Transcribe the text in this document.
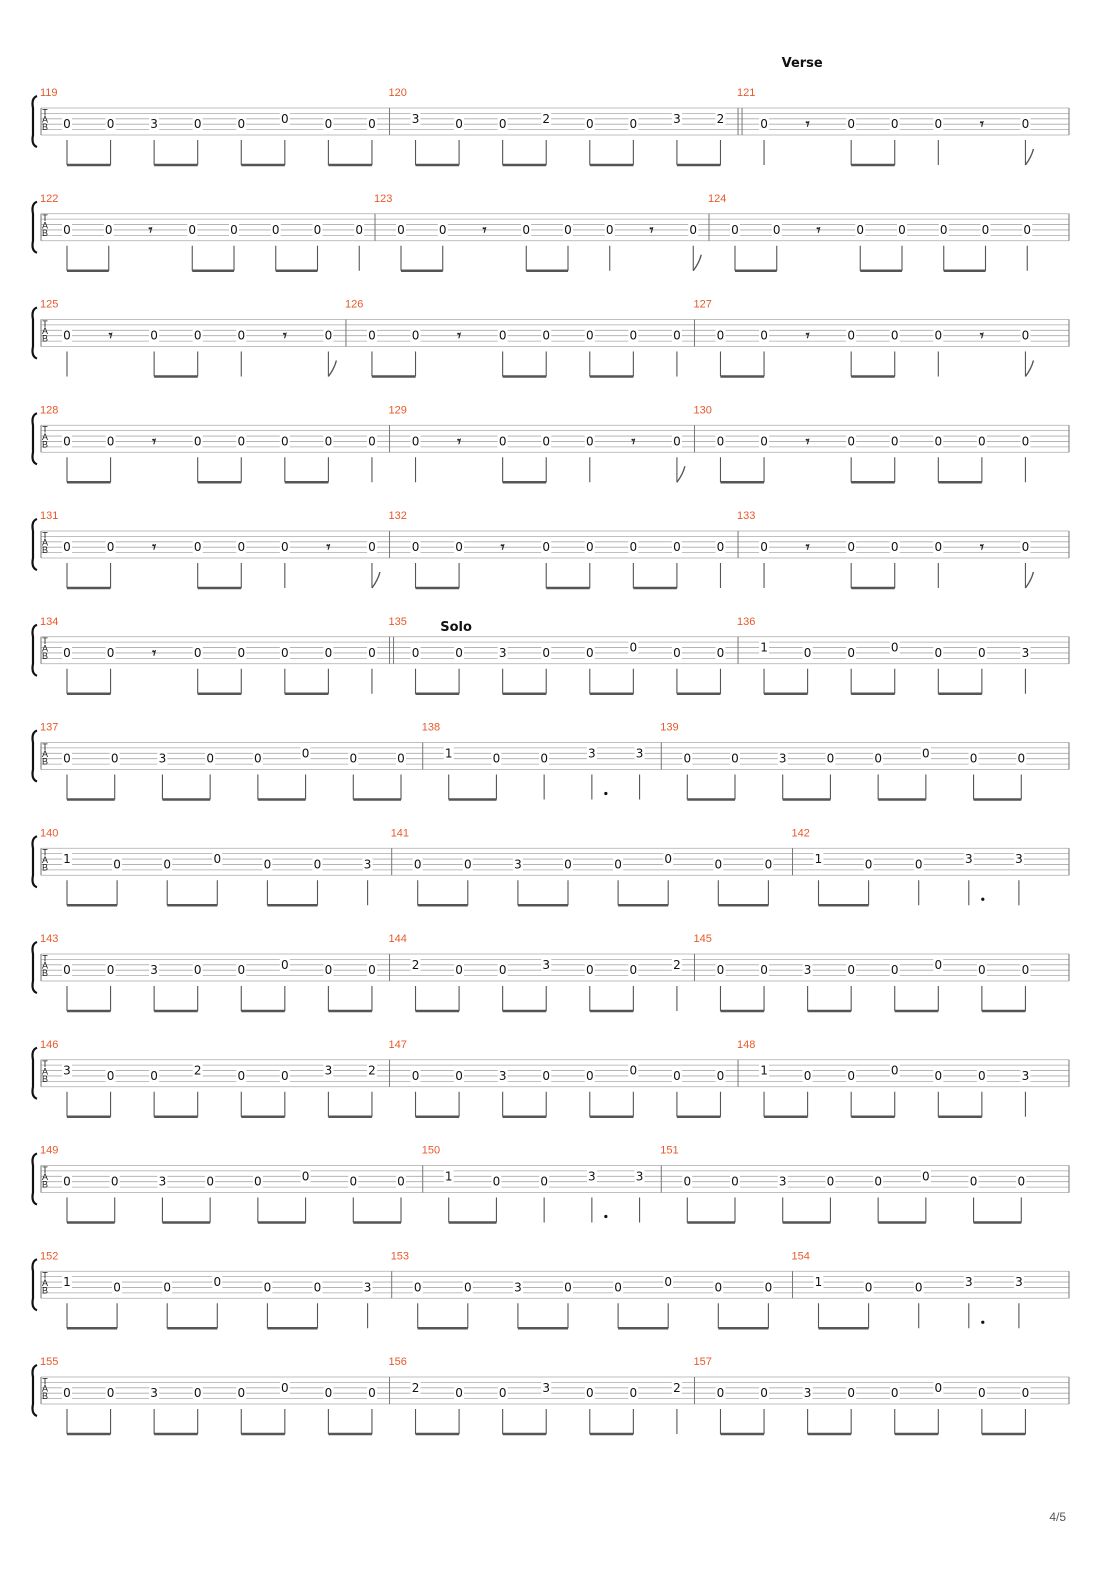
T
A
B
Verse
119
0	0	3	0	0	0	0	0
120
3	0	0	2	0	0	3	2
121
0	𝄾	0	0	0	𝄾	0
T
A
B
122
0	0 𝄾	0	0	0	0	0
123
0	0 𝄾	0	0	0 𝄾	0
124
0	0 𝄾	0	0	0	0	0
T
A
B
125
0	𝄾	0	0	0	𝄾	0
126
0	0	𝄾	0	0	0	0	0
127
0	0	𝄾	0	0	0	𝄾	0
T
A
B
128
0	0	𝄾	0	0	0	0	0
129
0	𝄾	0	0	0	𝄾	0
130
0	0	𝄾	0	0	0	0	0
T
A
B
131
0	0	𝄾	0	0	0	𝄾	0
132
0	0	𝄾	0	0	0	0	0
133
0	𝄾	0	0	0	𝄾	0
T
A
B
Solo
134
0	0	𝄾	0	0	0	0	0
135
0	0	3	0	0	0	0	0
136
1	0	0	0	0	0	3
T
A
B
137
0	0	3	0	0	0	0	0
138
1	0	0	3	3
139
0	0	3	0	0	0	0	0
T
A
B
140
1	0	0	0	0	0	3
141
0	0	3	0	0	0	0	0
142
1	0	0	3	3
T
A
B
143
0	0	3	0	0	0	0	0
144
2	0	0	3	0	0	2
145
0	0	3	0	0	0	0	0
T
A
B
146
3	0	0	2	0	0	3	2
147
0	0	3	0	0	0	0	0
148
1	0	0	0	0	0	3
T
A
B
149
0	0	3	0	0	0	0	0
150
1	0	0	3	3
151
0	0	3	0	0	0	0	0
T
A
B
152
1	0	0	0	0	0	3
153
0	0	3	0	0	0	0	0
154
1	0	0	3	3
T
A
B
155
0	0	3	0	0	0	0	0
156
2	0	0	3	0	0	2
157
0	0	3	0	0	0	0	0
4/5
